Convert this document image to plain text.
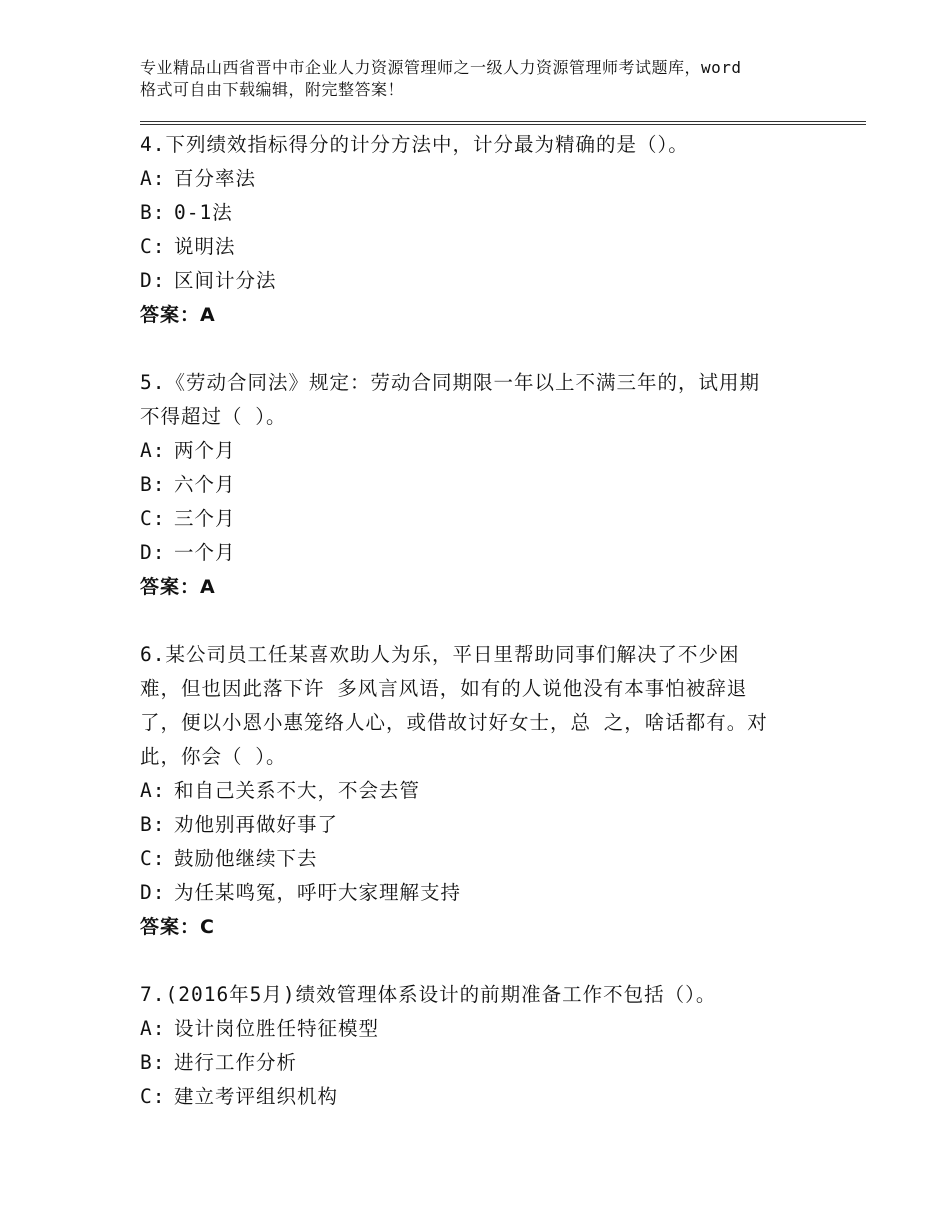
专业精品山西省晋中市企业人力资源管理师之一级人力资源管理师考试题库，word
格式可自由下载编辑，附完整答案！
4.下列绩效指标得分的计分方法中，计分最为精确的是（）。
A: 百分率法
B: 0-1法
C: 说明法
D: 区间计分法
答案：A
5.《劳动合同法》规定：劳动合同期限一年以上不满三年的，试用期
不得超过（ ）。
A: 两个月
B: 六个月
C: 三个月
D: 一个月
答案：A
6.某公司员工任某喜欢助人为乐，平日里帮助同事们解决了不少困
难，但也因此落下许 多风言风语，如有的人说他没有本事怕被辞退
了，便以小恩小惠笼络人心，或借故讨好女士，总 之，啥话都有。对
此，你会（ ）。
A: 和自己关系不大，不会去管
B: 劝他别再做好事了
C: 鼓励他继续下去
D: 为任某鸣冤，呼吁大家理解支持
答案：C
7.(2016年5月)绩效管理体系设计的前期准备工作不包括（）。
A: 设计岗位胜任特征模型
B: 进行工作分析
C: 建立考评组织机构
